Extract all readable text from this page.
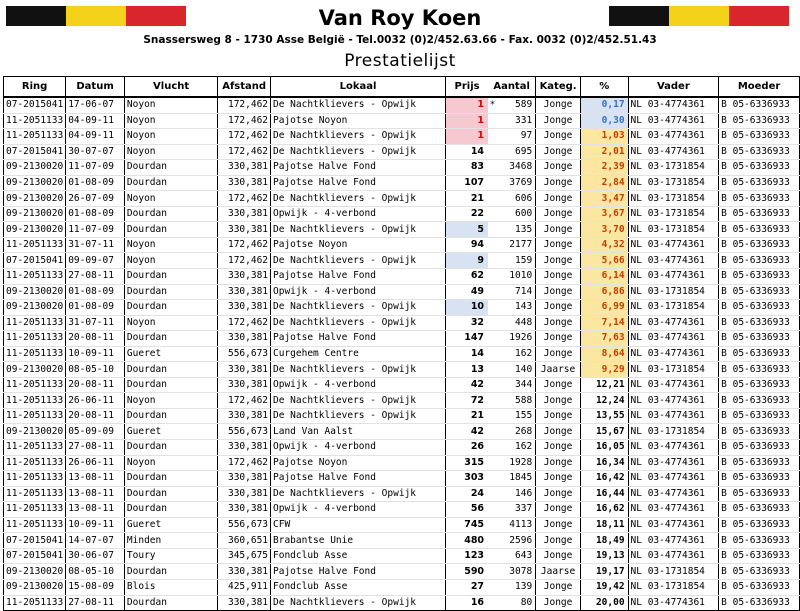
Van Roy Koen
Snassersweg 8 - 1730 Asse België - Tel.0032 (0)2/452.63.66 - Fax. 0032 (0)2/452.51.43
Prestatielijst
Ring	Datum	Vlucht	Afstand	Lokaal	Prijs	Aantal		Kateg.	%	Vader	Moeder
07-2015041	17-06-07	Noyon	172,462	De Nachtklievers - Opwijk	1	*	589	Jonge	0,17	NL 03-4774361	B 05-6336933
11-2051133	04-09-11	Noyon	172,462	Pajotse Noyon	1		331	Jonge	0,30	NL 03-4774361	B 05-6336933
11-2051133	04-09-11	Noyon	172,462	De Nachtklievers - Opwijk	1		97	Jonge	1,03	NL 03-4774361	B 05-6336933
07-2015041	30-07-07	Noyon	172,462	De Nachtklievers - Opwijk	14		695	Jonge	2,01	NL 03-4774361	B 05-6336933
09-2130020	11-07-09	Dourdan	330,381	Pajotse Halve Fond	83		3468	Jonge	2,39	NL 03-1731854	B 05-6336933
09-2130020	01-08-09	Dourdan	330,381	Pajotse Halve Fond	107		3769	Jonge	2,84	NL 03-1731854	B 05-6336933
09-2130020	26-07-09	Noyon	172,462	De Nachtklievers - Opwijk	21		606	Jonge	3,47	NL 03-1731854	B 05-6336933
09-2130020	01-08-09	Dourdan	330,381	Opwijk - 4-verbond	22		600	Jonge	3,67	NL 03-1731854	B 05-6336933
09-2130020	11-07-09	Dourdan	330,381	De Nachtklievers - Opwijk	5		135	Jonge	3,70	NL 03-1731854	B 05-6336933
11-2051133	31-07-11	Noyon	172,462	Pajotse Noyon	94		2177	Jonge	4,32	NL 03-4774361	B 05-6336933
07-2015041	09-09-07	Noyon	172,462	De Nachtklievers - Opwijk	9		159	Jonge	5,66	NL 03-4774361	B 05-6336933
11-2051133	27-08-11	Dourdan	330,381	Pajotse Halve Fond	62		1010	Jonge	6,14	NL 03-4774361	B 05-6336933
09-2130020	01-08-09	Dourdan	330,381	Opwijk - 4-verbond	49		714	Jonge	6,86	NL 03-1731854	B 05-6336933
09-2130020	01-08-09	Dourdan	330,381	De Nachtklievers - Opwijk	10		143	Jonge	6,99	NL 03-1731854	B 05-6336933
11-2051133	31-07-11	Noyon	172,462	De Nachtklievers - Opwijk	32		448	Jonge	7,14	NL 03-4774361	B 05-6336933
11-2051133	20-08-11	Dourdan	330,381	Pajotse Halve Fond	147		1926	Jonge	7,63	NL 03-4774361	B 05-6336933
11-2051133	10-09-11	Gueret	556,673	Curgehem Centre	14		162	Jonge	8,64	NL 03-4774361	B 05-6336933
09-2130020	08-05-10	Dourdan	330,381	De Nachtklievers - Opwijk	13		140	Jaarse	9,29	NL 03-1731854	B 05-6336933
11-2051133	20-08-11	Dourdan	330,381	Opwijk - 4-verbond	42		344	Jonge	12,21	NL 03-4774361	B 05-6336933
11-2051133	26-06-11	Noyon	172,462	De Nachtklievers - Opwijk	72		588	Jonge	12,24	NL 03-4774361	B 05-6336933
11-2051133	20-08-11	Dourdan	330,381	De Nachtklievers - Opwijk	21		155	Jonge	13,55	NL 03-4774361	B 05-6336933
09-2130020	05-09-09	Gueret	556,673	Land Van Aalst	42		268	Jonge	15,67	NL 03-1731854	B 05-6336933
11-2051133	27-08-11	Dourdan	330,381	Opwijk - 4-verbond	26		162	Jonge	16,05	NL 03-4774361	B 05-6336933
11-2051133	26-06-11	Noyon	172,462	Pajotse Noyon	315		1928	Jonge	16,34	NL 03-4774361	B 05-6336933
11-2051133	13-08-11	Dourdan	330,381	Pajotse Halve Fond	303		1845	Jonge	16,42	NL 03-4774361	B 05-6336933
11-2051133	13-08-11	Dourdan	330,381	De Nachtklievers - Opwijk	24		146	Jonge	16,44	NL 03-4774361	B 05-6336933
11-2051133	13-08-11	Dourdan	330,381	Opwijk - 4-verbond	56		337	Jonge	16,62	NL 03-4774361	B 05-6336933
11-2051133	10-09-11	Gueret	556,673	CFW	745		4113	Jonge	18,11	NL 03-4774361	B 05-6336933
07-2015041	14-07-07	Minden	360,651	Brabantse Unie	480		2596	Jonge	18,49	NL 03-4774361	B 05-6336933
07-2015041	30-06-07	Toury	345,675	Fondclub Asse	123		643	Jonge	19,13	NL 03-4774361	B 05-6336933
09-2130020	08-05-10	Dourdan	330,381	Pajotse Halve Fond	590		3078	Jaarse	19,17	NL 03-1731854	B 05-6336933
09-2130020	15-08-09	Blois	425,911	Fondclub Asse	27		139	Jonge	19,42	NL 03-1731854	B 05-6336933
11-2051133	27-08-11	Dourdan	330,381	De Nachtklievers - Opwijk	16		80	Jonge	20,00	NL 03-4774361	B 05-6336933
